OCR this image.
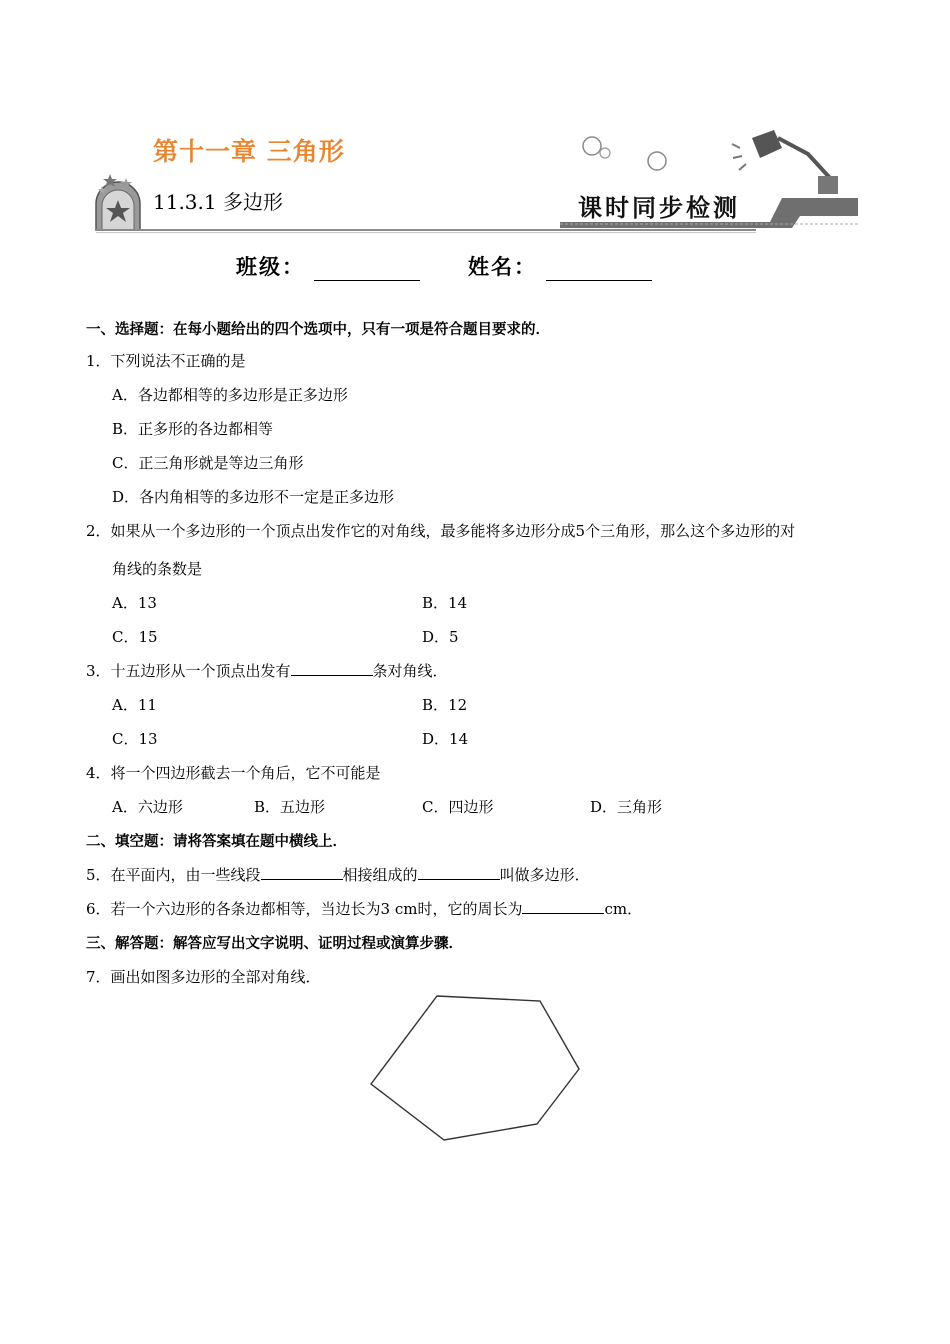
第十一章 三角形
11.3.1 多边形	课时同步检测
班级：	姓名：
一、选择题：在每小题给出的四个选项中，只有一项是符合题目要求的．
1．下列说法不正确的是
A．各边都相等的多边形是正多边形
B．正多形的各边都相等
C．正三角形就是等边三角形
D．各内角相等的多边形不一定是正多边形
2．如果从一个多边形的一个顶点出发作它的对角线，最多能将多边形分成5个三角形，那么这个多边形的对
角线的条数是
A．13	B．14
C．15	D．5
3．十五边形从一个顶点出发有	条对角线．
A．11	B．12
C．13	D．14
4．将一个四边形截去一个角后，它不可能是
A．六边形	B．五边形	C．四边形	D．三角形
二、填空题：请将答案填在题中横线上．
5．在平面内，由一些线段	相接组成的	叫做多边形．
6．若一个六边形的各条边都相等，当边长为3 cm时，它的周长为	cm．
三、解答题：解答应写出文字说明、证明过程或演算步骤．
7．画出如图多边形的全部对角线．
